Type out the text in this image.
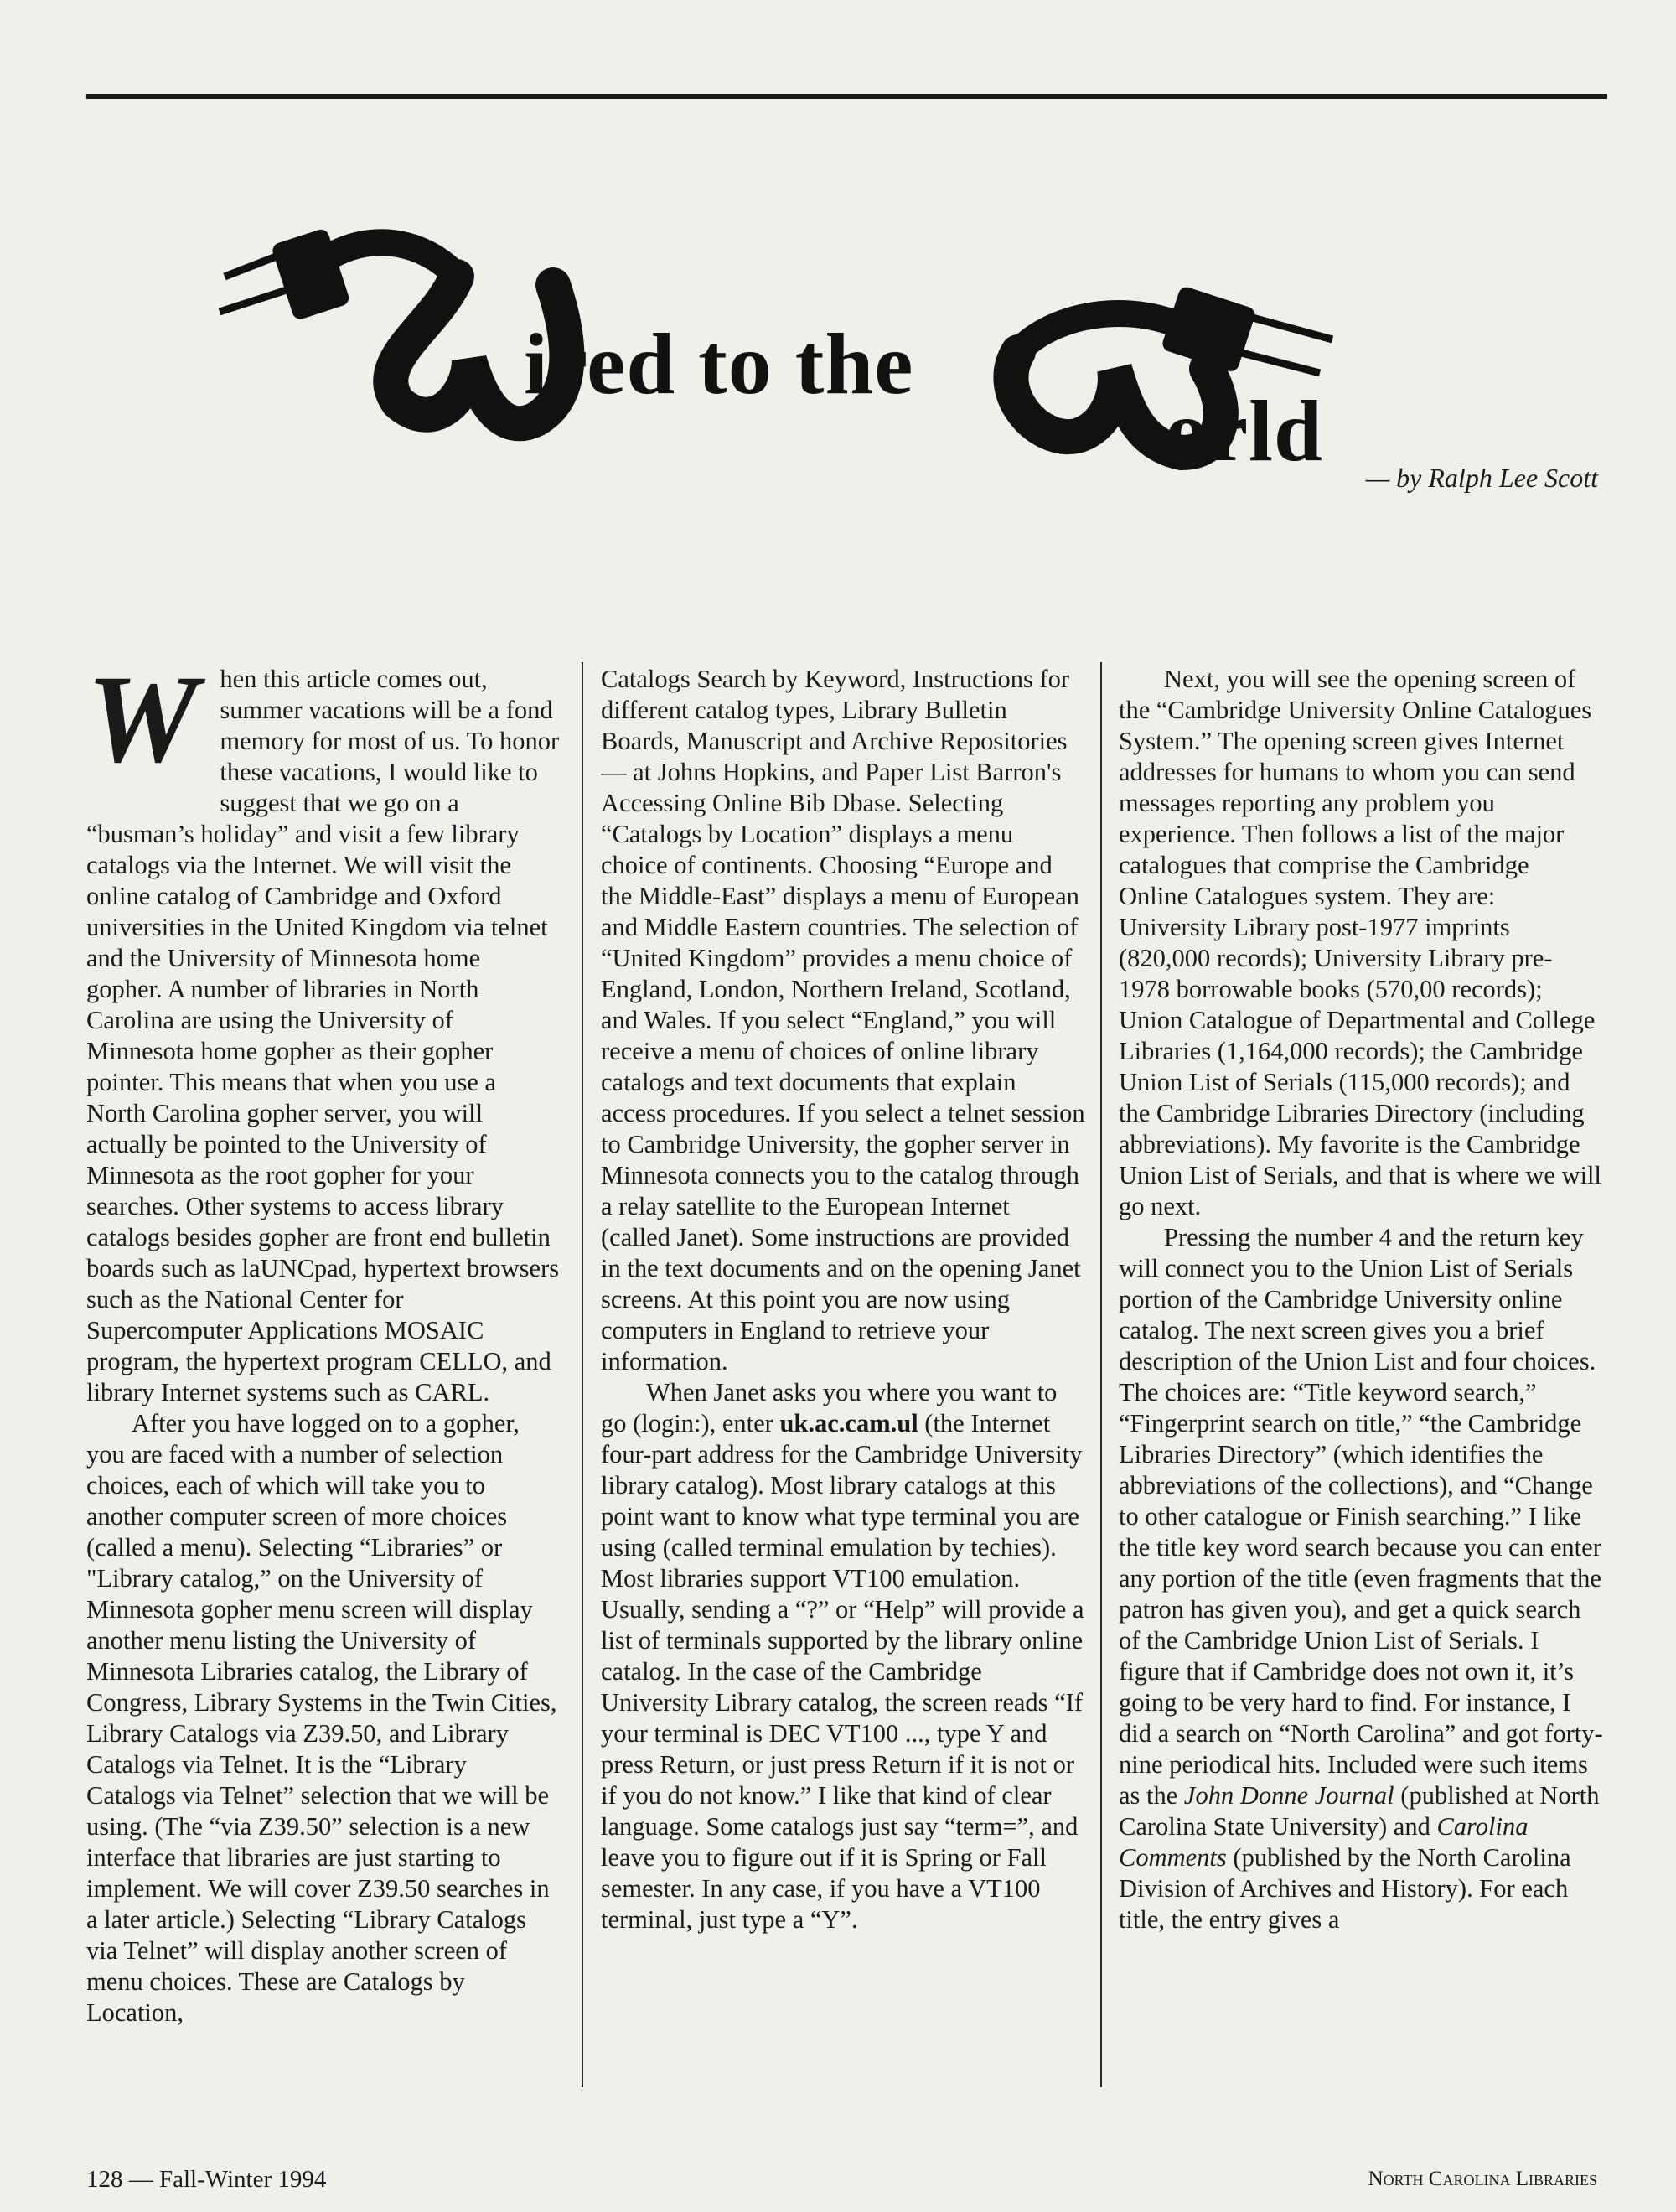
ired to the
orld — by Ralph Lee Scott

When this article comes out, summer vacations will be a fond memory for most of us. To honor these vacations, I would like to suggest that we go on a “busman’s holiday” and visit a few library catalogs via the Internet. We will visit the online catalog of Cambridge and Oxford universities in the United Kingdom via telnet and the University of Minnesota home gopher. A number of libraries in North Carolina are using the University of Minnesota home gopher as their gopher pointer. This means that when you use a North Carolina gopher server, you will actually be pointed to the University of Minnesota as the root gopher for your searches. Other systems to access library catalogs besides gopher are front end bulletin boards such as laUNCpad, hypertext browsers such as the National Center for Supercomputer Applications MOSAIC program, the hypertext program CELLO, and library Internet systems such as CARL.

After you have logged on to a gopher, you are faced with a number of selection choices, each of which will take you to another computer screen of more choices (called a menu). Selecting “Libraries” or "Library catalog,” on the University of Minnesota gopher menu screen will display another menu listing the University of Minnesota Libraries catalog, the Library of Congress, Library Systems in the Twin Cities, Library Catalogs via Z39.50, and Library Catalogs via Telnet. It is the “Library Catalogs via Telnet” selection that we will be using. (The “via Z39.50” selection is a new interface that libraries are just starting to implement. We will cover Z39.50 searches in a later article.) Selecting “Library Catalogs via Telnet” will display another screen of menu choices. These are Catalogs by Location,

Catalogs Search by Keyword, Instructions for different catalog types, Library Bulletin Boards, Manuscript and Archive Repositories — at Johns Hopkins, and Paper List Barron's Accessing Online Bib Dbase. Selecting “Catalogs by Location” displays a menu choice of continents. Choosing “Europe and the Middle-East” displays a menu of European and Middle Eastern countries. The selection of “United Kingdom” provides a menu choice of England, London, Northern Ireland, Scotland, and Wales. If you select “England,” you will receive a menu of choices of online library catalogs and text documents that explain access procedures. If you select a telnet session to Cambridge University, the gopher server in Minnesota connects you to the catalog through a relay satellite to the European Internet (called Janet). Some instructions are provided in the text documents and on the opening Janet screens. At this point you are now using computers in England to retrieve your information.

When Janet asks you where you want to go (login:), enter uk.ac.cam.ul (the Internet four-part address for the Cambridge University library catalog). Most library catalogs at this point want to know what type terminal you are using (called terminal emulation by techies). Most libraries support VT100 emulation. Usually, sending a “?” or “Help” will provide a list of terminals supported by the library online catalog. In the case of the Cambridge University Library catalog, the screen reads “If your terminal is DEC VT100 ..., type Y and press Return, or just press Return if it is not or if you do not know.” I like that kind of clear language. Some catalogs just say “term=”, and leave you to figure out if it is Spring or Fall semester. In any case, if you have a VT100 terminal, just type a “Y”.

Next, you will see the opening screen of the “Cambridge University Online Catalogues System.” The opening screen gives Internet addresses for humans to whom you can send messages reporting any problem you experience. Then follows a list of the major catalogues that comprise the Cambridge Online Catalogues system. They are: University Library post-1977 imprints (820,000 records); University Library pre-1978 borrowable books (570,00 records); Union Catalogue of Departmental and College Libraries (1,164,000 records); the Cambridge Union List of Serials (115,000 records); and the Cambridge Libraries Directory (including abbreviations). My favorite is the Cambridge Union List of Serials, and that is where we will go next.

Pressing the number 4 and the return key will connect you to the Union List of Serials portion of the Cambridge University online catalog. The next screen gives you a brief description of the Union List and four choices. The choices are: “Title keyword search,” “Fingerprint search on title,” “the Cambridge Libraries Directory” (which identifies the abbreviations of the collections), and “Change to other catalogue or Finish searching.” I like the title key word search because you can enter any portion of the title (even fragments that the patron has given you), and get a quick search of the Cambridge Union List of Serials. I figure that if Cambridge does not own it, it’s going to be very hard to find. For instance, I did a search on “North Carolina” and got forty-nine periodical hits. Included were such items as the John Donne Journal (published at North Carolina State University) and Carolina Comments (published by the North Carolina Division of Archives and History). For each title, the entry gives a

128 — Fall-Winter 1994	North Carolina Libraries
